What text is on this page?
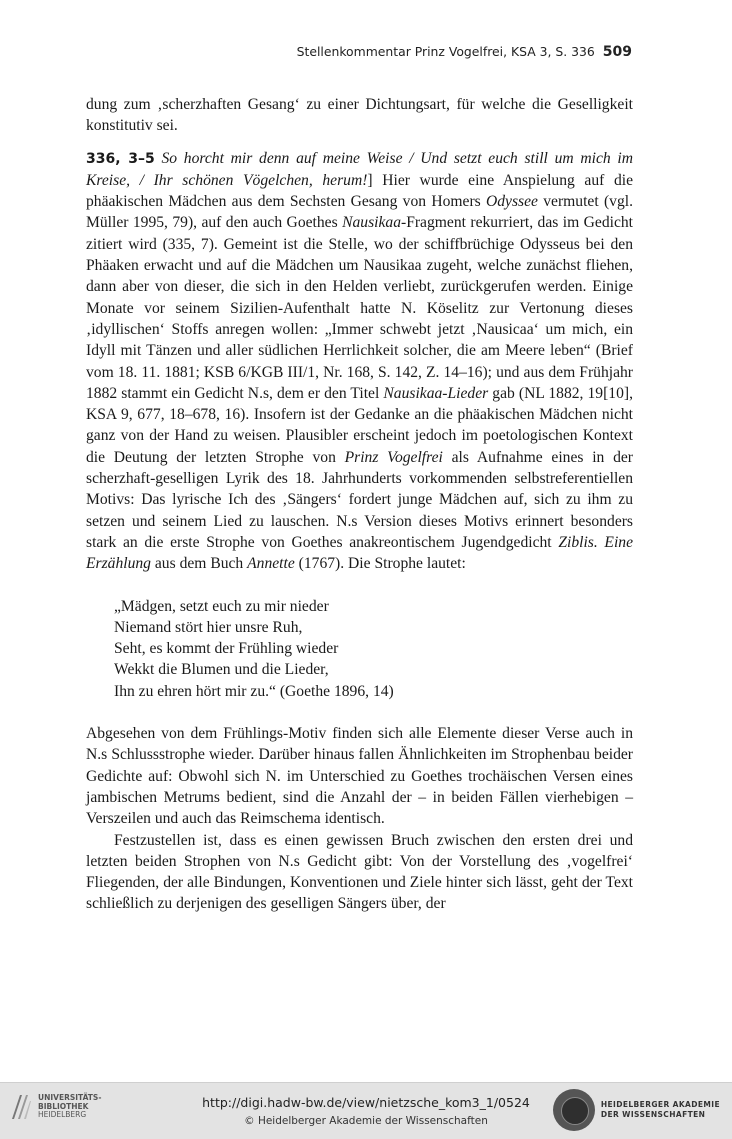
Stellenkommentar Prinz Vogelfrei, KSA 3, S. 336 509

dung zum ‚scherzhaften Gesang‘ zu einer Dichtungsart, für welche die Geselligkeit konstitutiv sei.

336, 3–5 So horcht mir denn auf meine Weise / Und setzt euch still um mich im Kreise, / Ihr schönen Vögelchen, herum!] Hier wurde eine Anspielung auf die phäakischen Mädchen aus dem Sechsten Gesang von Homers Odyssee vermutet (vgl. Müller 1995, 79), auf den auch Goethes Nausikaa-Fragment rekurriert, das im Gedicht zitiert wird (335, 7). Gemeint ist die Stelle, wo der schiffbrüchige Odysseus bei den Phäaken erwacht und auf die Mädchen um Nausikaa zugeht, welche zunächst fliehen, dann aber von dieser, die sich in den Helden verliebt, zurückgerufen werden. Einige Monate vor seinem Sizilien-Aufenthalt hatte N. Köselitz zur Vertonung dieses ‚idyllischen‘ Stoffs anregen wollen: „Immer schwebt jetzt ‚Nausicaa‘ um mich, ein Idyll mit Tänzen und aller südlichen Herrlichkeit solcher, die am Meere leben“ (Brief vom 18. 11. 1881; KSB 6/KGB III/1, Nr. 168, S. 142, Z. 14–16); und aus dem Frühjahr 1882 stammt ein Gedicht N.s, dem er den Titel Nausikaa-Lieder gab (NL 1882, 19[10], KSA 9, 677, 18–678, 16). Insofern ist der Gedanke an die phäakischen Mädchen nicht ganz von der Hand zu weisen. Plausibler erscheint jedoch im poetologischen Kontext die Deutung der letzten Strophe von Prinz Vogelfrei als Aufnahme eines in der scherzhaft-geselligen Lyrik des 18. Jahrhunderts vorkommenden selbstreferentiellen Motivs: Das lyrische Ich des ‚Sängers‘ fordert junge Mädchen auf, sich zu ihm zu setzen und seinem Lied zu lauschen. N.s Version dieses Motivs erinnert besonders stark an die erste Strophe von Goethes anakreontischem Jugendgedicht Ziblis. Eine Erzählung aus dem Buch Annette (1767). Die Strophe lautet:

„Mädgen, setzt euch zu mir nieder
Niemand stört hier unsre Ruh,
Seht, es kommt der Frühling wieder
Wekkt die Blumen und die Lieder,
Ihn zu ehren hört mir zu.“ (Goethe 1896, 14)

Abgesehen von dem Frühlings-Motiv finden sich alle Elemente dieser Verse auch in N.s Schlussstrophe wieder. Darüber hinaus fallen Ähnlichkeiten im Strophenbau beider Gedichte auf: Obwohl sich N. im Unterschied zu Goethes trochäischen Versen eines jambischen Metrums bedient, sind die Anzahl der – in beiden Fällen vierhebigen – Verszeilen und auch das Reimschema identisch.

Festzustellen ist, dass es einen gewissen Bruch zwischen den ersten drei und letzten beiden Strophen von N.s Gedicht gibt: Von der Vorstellung des ‚vogelfrei‘ Fliegenden, der alle Bindungen, Konventionen und Ziele hinter sich lässt, geht der Text schließlich zu derjenigen des geselligen Sängers über, der

UNIVERSITÄTS-
BIBLIOTHEK
HEIDELBERG
http://digi.hadw-bw.de/view/nietzsche_kom3_1/0524
© Heidelberger Akademie der Wissenschaften
HEIDELBERGER AKADEMIE
DER WISSENSCHAFTEN
